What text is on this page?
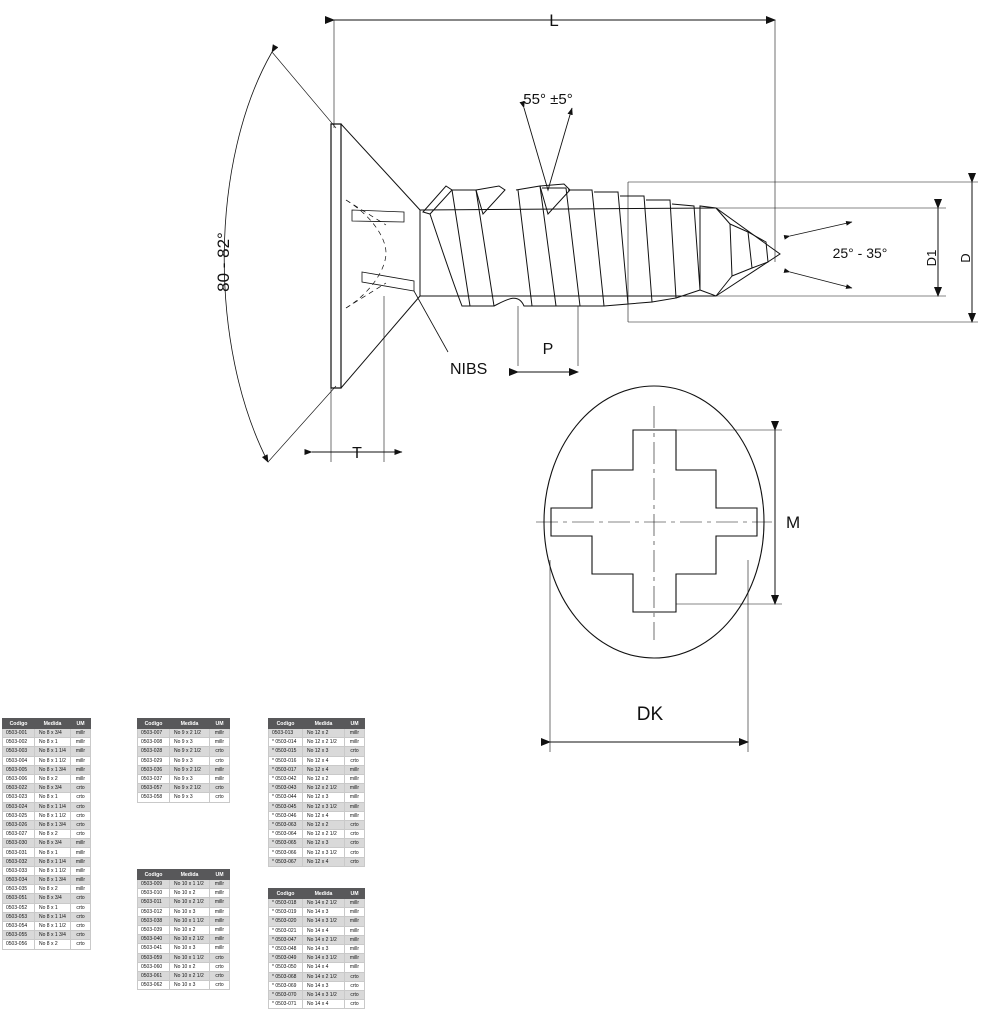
L
55° ±5°
80 - 82°
T
P
NIBS
25° - 35°	D1 D
M
DK
Codigo	Medida	UM
0503-001	No 8 x 3/4	millr
0503-002	No 8 x 1	millr
0503-003	No 8 x 1 1/4	millr
0503-004	No 8 x 1 1/2	millr
0503-005	No 8 x 1 3/4	millr
0503-006	No 8 x 2	millr
0503-022	No 8 x 3/4	crto
0503-023	No 8 x 1	crto
0503-024	No 8 x 1 1/4	crto
0503-025	No 8 x 1 1/2	crto
0503-026	No 8 x 1 3/4	crto
0503-027	No 8 x 2	crto
0503-030	No 8 x 3/4	millr
0503-031	No 8 x 1	millr
0503-032	No 8 x 1 1/4	millr
0503-033	No 8 x 1 1/2	millr
0503-034	No 8 x 1 3/4	millr
0503-035	No 8 x 2	millr
0503-051	No 8 x 3/4	crto
0503-052	No 8 x 1	crto
0503-053	No 8 x 1 1/4	crto
0503-054	No 8 x 1 1/2	crto
0503-055	No 8 x 1 3/4	crto
0503-056	No 8 x 2	crto
Codigo	Medida	UM
0503-007	No 9 x 2 1/2	millr
0503-008	No 9 x 3	millr
0503-028	No 9 x 2 1/2	crto
0503-029	No 9 x 3	crto
0503-036	No 9 x 2 1/2	millr
0503-037	No 9 x 3	millr
0503-057	No 9 x 2 1/2	crto
0503-058	No 9 x 3	crto
Codigo	Medida	UM
0503-009	No 10 x 1 1/2	millr
0503-010	No 10 x 2	millr
0503-011	No 10 x 2 1/2	millr
0503-012	No 10 x 3	millr
0503-038	No 10 x 1 1/2	millr
0503-039	No 10 x 2	millr
0503-040	No 10 x 2 1/2	millr
0503-041	No 10 x 3	millr
0503-059	No 10 x 1 1/2	crto
0503-060	No 10 x 2	crto
0503-061	No 10 x 2 1/2	crto
0503-062	No 10 x 3	crto
Codigo	Medida	UM
0503-013	No 12 x 2	millr
* 0503-014	No 12 x 2 1/2	millr
* 0503-015	No 12 x 3	crto
* 0503-016	No 12 x 4	crto
* 0503-017	No 12 x 4	millr
* 0503-042	No 12 x 2	millr
* 0503-043	No 12 x 2 1/2	millr
* 0503-044	No 12 x 3	millr
* 0503-045	No 12 x 3 1/2	millr
* 0503-046	No 12 x 4	millr
* 0503-063	No 12 x 2	crto
* 0503-064	No 12 x 2 1/2	crto
* 0503-065	No 12 x 3	crto
* 0503-066	No 12 x 3 1/2	crto
* 0503-067	No 12 x 4	crto
Codigo	Medida	UM
* 0503-018	No 14 x 2 1/2	millr
* 0503-019	No 14 x 3	millr
* 0503-020	No 14 x 3 1/2	millr
* 0503-021	No 14 x 4	millr
* 0503-047	No 14 x 2 1/2	millr
* 0503-048	No 14 x 3	millr
* 0503-049	No 14 x 3 1/2	millr
* 0503-050	No 14 x 4	millr
* 0503-068	No 14 x 2 1/2	crto
* 0503-069	No 14 x 3	crto
* 0503-070	No 14 x 3 1/2	crto
* 0503-071	No 14 x 4	crto
